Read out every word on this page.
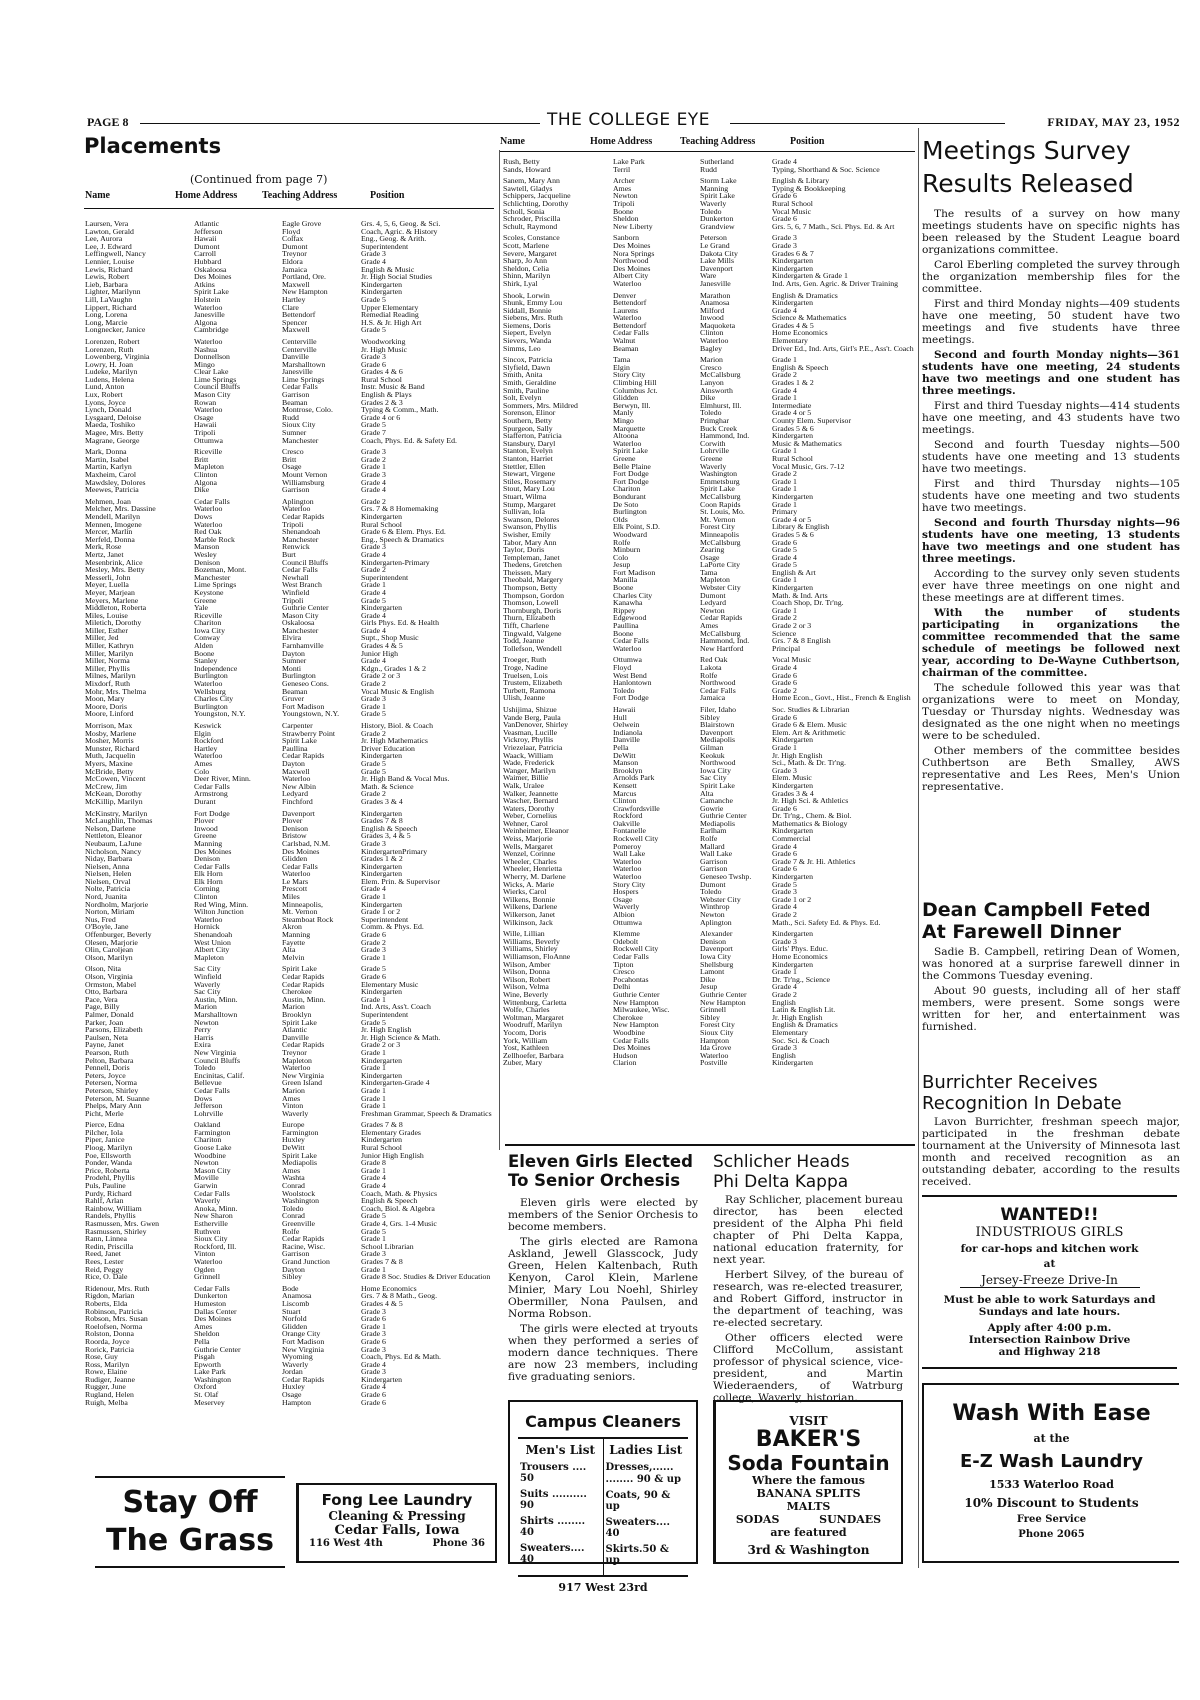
PAGE 8	THE COLLEGE EYE	FRIDAY, MAY 23, 1952
Placements
(Continued from page 7)
Name	Home Address Teaching Address	Position
Laursen, Vera	Atlantic	Eagle Grove	Grs. 4, 5, 6, Geog. & Sci.
Lawton, Gerald	Jefferson	Floyd	Coach, Agric. & History
Lee, Aurora	Hawaii	Colfax	Eng., Geog. & Arith.
Lee, J. Edward	Dumont	Dumont	Superintendent
Leffingwell, Nancy	Carroll	Treynor	Grade 3
Lennier, Louise	Hubbard	Eldora	Grade 4
Lewis, Richard	Oskaloosa	Jamaica	English & Music
Lewis, Robert	Des Moines	Portland, Ore.	Jr. High Social Studies
Lieb, Barbara	Atkins	Maxwell	Kindergarten
Lighter, Marilynn	Spirit Lake	New Hampton	Kindergarten
Lill, LaVaughn	Holstein	Hartley	Grade 5
Lippert, Richard	Waterloo	Clare	Upper Elementary
Long, Lorena	Janesville	Bettendorf	Remedial Reading
Long, Marcie	Algona	Spencer	H.S. & Jr. High Art
Longnecker, Janice	Cambridge	Maxwell	Grade 5
Lorenzen, Robert	Waterloo	Centerville	Woodworking
Lorenzen, Ruth	Nashua	Centerville	Jr. High Music
Lowenberg, Virginia	Donnellson	Danville	Grade 3
Lowry, H. Joan	Mingo	Marshalltown	Grade 6
Ludeke, Marilyn	Clear Lake	Janesville	Grades 4 & 6
Ludens, Helena	Lime Springs	Lime Springs	Rural School
Lund, Anton	Council Bluffs	Cedar Falls	Instr. Music & Band
Lux, Robert	Mason City	Garrison	English & Plays
Lyons, Joyce	Rowan	Beaman	Grades 2 & 3
Lynch, Donald	Waterloo	Montrose, Colo.	Typing & Comm., Math.
Lysgaard, Deloise	Osage	Rudd	Grade 4 or 6
Maeda, Toshiko	Hawaii	Sioux City	Grade 5
Magee, Mrs. Betty	Tripoli	Sumner	Grade 7
Magrane, George	Ottumwa	Manchester	Coach, Phys. Ed. & Safety Ed.
Mark, Donna	Riceville	Cresco	Grade 3
Martin, Isabel	Britt	Britt	Grade 2
Martin, Karlyn	Mapleton	Osage	Grade 1
Maxheim, Carol	Clinton	Mount Vernon	Grade 3
Mawdsley, Dolores	Algona	Williamsburg	Grade 4
Meewes, Patricia	Dike	Garrison	Grade 4
Mehmen, Joan	Cedar Falls	Aplington	Grade 2
Melcher, Mrs. Dassine	Waterloo	Waterloo	Grs. 7 & 8 Homemaking
Mendell, Marilyn	Dows	Cedar Rapids	Kindergarten
Mennen, Imogene	Waterloo	Tripoli	Rural School
Mercer, Marlin	Red Oak	Shenandoah	Grade 6 & Elem. Phys. Ed.
Merfeld, Donna	Marble Rock	Manchester	Eng., Speech & Dramatics
Merk, Rose	Manson	Renwick	Grade 3
Mertz, Janet	Wesley	Burt	Grade 4
Mesenbrink, Alice	Denison	Council Bluffs	Kindergarten-Primary
Mesley, Mrs. Betty	Bozeman, Mont.	Cedar Falls	Grade 2
Messerli, John	Manchester	Newhall	Superintendent
Meyer, Luella	Lime Springs	West Branch	Grade 1
Meyer, Marjean	Keystone	Winfield	Grade 4
Meyers, Marlene	Greene	Tripoli	Grade 5
Middleton, Roberta	Yale	Guthrie Center	Kindergarten
Miles, Louise	Riceville	Mason City	Grade 4
Miletich, Dorothy	Chariton	Oskaloosa	Girls Phys. Ed. & Health
Miller, Esther	Iowa City	Manchester	Grade 4
Miller, Jed	Conway	Elvira	Supt., Shop Music
Miller, Kathryn	Alden	Farnhamville	Grades 4 & 5
Miller, Marilyn	Boone	Dayton	Junior High
Miller, Norma	Stanley	Sumner	Grade 4
Miller, Phyllis	Independence	Monti	Kdgn., Grades 1 & 2
Milnes, Marilyn	Burlington	Burlington	Grade 2 or 3
Mixdorf, Ruth	Waterloo	Geneseo Cons.	Grade 2
Mohr, Mrs. Thelma	Wellsburg	Beaman	Vocal Music & English
Moon, Mary	Charles City	Gruver	Grade 3
Moore, Doris	Burlington	Fort Madison	Grade 1
Moore, Linford	Youngston, N.Y.	Youngstown, N.Y.	Grade 5
Morrison, Max	Keswick	Carpenter	History, Biol. & Coach
Mosby, Marlene	Elgin	Strawberry Point	Grade 2
Mosher, Morris	Rockford	Spirit Lake	Jr. High Mathematics
Munster, Richard	Hartley	Paullina	Driver Education
Muth, Jacquelin	Waterloo	Cedar Rapids	Kindergarten
Myers, Maxine	Ames	Dayton	Grade 5
McBride, Betty	Colo	Maxwell	Grade 5
McCowen, Vincent	Deer River, Minn.	Waterloo	Jr. High Band & Vocal Mus.
McCrew, Jim	Cedar Falls	New Albin	Math. & Science
McKean, Dorothy	Armstrong	Ledyard	Grade 2
McKillip, Marilyn	Durant	Finchford	Grades 3 & 4
McKinstry, Marilyn	Fort Dodge	Davenport	Kindergarten
McLaughlin, Thomas	Plover	Plover	Grades 7 & 8
Nelson, Darlene	Inwood	Denison	English & Speech
Nettleton, Eleanor	Greene	Bristow	Grades 3, 4 & 5
Neubaum, LaJune	Manning	Carlsbad, N.M.	Grade 3
Nicholson, Nancy	Des Moines	Des Moines	KindergartenPrimary
Niday, Barbara	Denison	Glidden	Grades 1 & 2
Nielsen, Anna	Cedar Falls	Cedar Falls	Kindergarten
Nielsen, Helen	Elk Horn	Waterloo	Kindergarten
Nielsen, Orval	Elk Horn	Le Mars	Elem. Prin. & Supervisor
Nolte, Patricia	Corning	Prescott	Grade 4
Nord, Juanita	Clinton	Miles	Grade 1
Nordholm, Marjorie	Red Wing, Minn.	Minneapolis,	Kindergarten
Norton, Miriam	Wilton Junction	Mt. Vernon	Grade 1 or 2
Nus, Fred	Waterloo	Steamboat Rock	Superintendent
O'Boyle, Jane	Hornick	Akron	Comm. & Phys. Ed.
Offenburger, Beverly	Shenandoah	Manning	Grade 6
Olesen, Marjorie	West Union	Fayette	Grade 2
Olin, Caroljean	Albert City	Alta	Grade 3
Olson, Marilyn	Mapleton	Melvin	Grade 1
Olson, Nita	Sac City	Spirit Lake	Grade 5
Olson, Virginia	Winfield	Cedar Rapids	Grade 6
Ormston, Mabel	Waverly	Cedar Rapids	Elementary Music
Otto, Barbara	Sac City	Cherokee	Kindergarten
Pace, Vera	Austin, Minn.	Austin, Minn.	Grade 1
Page, Billy	Marion	Marion	Ind. Arts, Ass't. Coach
Palmer, Donald	Marshalltown	Brooklyn	Superintendent
Parker, Joan	Newton	Spirit Lake	Grade 5
Parsons, Elizabeth	Perry	Atlantic	Jr. High English
Paulsen, Neta	Harris	Danville	Jr. High Science & Math.
Payne, Janet	Exira	Cedar Rapids	Grade 2 or 3
Pearson, Ruth	New Virginia	Treynor	Grade 1
Pelton, Barbara	Council Bluffs	Mapleton	Kindergarten
Pennell, Doris	Toledo	Waterloo	Grade 1
Peters, Joyce	Encinitas, Calif.	New Virginia	Kindergarten
Petersen, Norma	Bellevue	Green Island	Kindergarten-Grade 4
Peterson, Shirley	Cedar Falls	Marion	Grade 1
Peterson, M. Suanne	Dows	Ames	Grade 1
Phelps, Mary Ann	Jefferson	Vinton	Grade 1
Picht, Merle	Lohrville	Waverly	Freshman Grammar, Speech & Dramatics
Pierce, Edna	Oakland	Europe	Grades 7 & 8
Pilcher, Iola	Farmington	Farmington	Elementary Grades
Piper, Janice	Chariton	Huxley	Kindergarten
Ploog, Marilyn	Goose Lake	DeWitt	Rural School
Poe, Ellsworth	Woodbine	Spirit Lake	Junior High English
Ponder, Wanda	Newton	Mediapolis	Grade 8
Price, Roberta	Mason City	Ames	Grade 1
Prodehl, Phyllis	Moville	Washta	Grade 4
Puls, Pauline	Garwin	Conrad	Grade 4
Purdy, Richard	Cedar Falls	Woolstock	Coach, Math. & Physics
Rahlf, Arlan	Waverly	Washington	English & Speech
Rainbow, William	Anoka, Minn.	Toledo	Coach, Biol. & Algebra
Randels, Phyllis	New Sharon	Conrad	Grade 5
Rasmussen, Mrs. Gwen	Estherville	Greenville	Grade 4, Grs. 1-4 Music
Rasmussen, Shirley	Ruthven	Rolfe	Grade 5
Rann, Linnea	Sioux City	Cedar Rapids	Grade 1
Redin, Priscilla	Rockford, Ill.	Racine, Wisc.	School Librarian
Reed, Janet	Vinton	Garrison	Grade 3
Rees, Lester	Waterloo	Grand Junction	Grades 7 & 8
Reid, Peggy	Ogden	Dayton	Grade 1
Rice, O. Dale	Grinnell	Sibley	Grade 8 Soc. Studies & Driver Education
Ridenour, Mrs. Ruth	Cedar Falls	Bode	Home Economics
Rigdon, Marian	Dunkerton	Anamosa	Grs. 7 & 8 Math., Geog.
Roberts, Elda	Humeston	Liscomb	Grades 4 & 5
Robinson, Patricia	Dallas Center	Stuart	Grade 3
Robson, Mrs. Susan	Des Moines	Norfold	Grade 6
Roelofsen, Norma	Ames	Glidden	Grade 1
Rolston, Donna	Sheldon	Orange City	Grade 3
Roorda, Joyce	Pella	Fort Madison	Grade 6
Rorick, Patricia	Guthrie Center	New Virginia	Grade 3
Rose, Guy	Pisgah	Wyoming	Coach, Phys. Ed & Math.
Ross, Marilyn	Epworth	Waverly	Grade 4
Rowe, Elaine	Lake Park	Jordan	Grade 3
Rudiger, Jeanne	Washington	Cedar Rapids	Kindergarten
Rugger, June	Oxford	Huxley	Grade 4
Rugland, Helen	St. Olaf	Osage	Grade 6
Ruigh, Melba	Meservey	Hampton	Grade 6
Name	Home Address	Teaching Address	Position
Rush, Betty	Lake Park	Sutherland	Grade 4
Sands, Howard	Terril	Rudd	Typing, Shorthand & Soc. Science
Sanem, Mary Ann	Archer	Storm Lake	English & Library
Sawtell, Gladys	Ames	Manning	Typing & Bookkeeping
Schippers, Jacqueline	Newton	Spirit Lake	Grade 6
Schlichting, Dorothy	Tripoli	Waverly	Rural School
Scholl, Sonia	Boone	Toledo	Vocal Music
Schroder, Priscilla	Sheldon	Dunkerton	Grade 6
Schult, Raymond	New Liberty	Grandview	Grs. 5, 6, 7 Math., Sci. Phys. Ed. & Art
Scoles, Constance	Sanborn	Peterson	Grade 3
Scott, Marlene	Des Moines	Le Grand	Grade 3
Severe, Margaret	Nora Springs	Dakota City	Grades 6 & 7
Sharp, Jo Ann	Northwood	Lake Mills	Kindergarten
Sheldon, Celia	Des Moines	Davenport	Kindergarten
Shinn, Marilyn	Albert City	Ware	Kindergarten & Grade 1
Shirk, Lyal	Waterloo	Janesville	Ind. Arts, Gen. Agric. & Driver Training
Shook, Lorwin	Denver	Marathon	English & Dramatics
Shunk, Emmy Lou	Bettendorf	Anamosa	Kindergarten
Siddall, Bonnie	Laurens	Milford	Grade 4
Siebens, Mrs. Ruth	Waterloo	Inwood	Science & Mathematics
Siemens, Doris	Bettendorf	Maquoketa	Grades 4 & 5
Siepert, Evelyn	Cedar Falls	Clinton	Home Economics
Sievers, Wanda	Walnut	Waterloo	Elementary
Simms, Leo	Beaman	Bagley	Driver Ed., Ind. Arts, Girl's P.E., Ass't. Coach
Sincox, Patricia	Tama	Marion	Grade 1
Slyfield, Dawn	Elgin	Cresco	English & Speech
Smith, Anita	Story City	McCallsburg	Grade 2
Smith, Geraldine	Climbing Hill	Lanyon	Grades 1 & 2
Smith, Pauline	Columbus Jct.	Ainsworth	Grade 4
Solt, Evelyn	Glidden	Dike	Grade 1
Sommers, Mrs. Mildred	Berwyn, Ill.	Elmhurst, Ill.	Intermediate
Sorenson, Elinor	Manly	Toledo	Grade 4 or 5
Southern, Betty	Mingo	Primghar	County Elem. Supervisor
Spurgeon, Sally	Marquette	Buck Creek	Grades 5 & 6
Stafferton, Patricia	Altoona	Hammond, Ind.	Kindergarten
Stansbury, Daryl	Waterloo	Corwith	Music & Mathematics
Stanton, Evelyn	Spirit Lake	Lohrville	Grade 1
Stanton, Harriet	Greene	Greene	Rural School
Stettler, Ellen	Belle Plaine	Waverly	Vocal Music, Grs. 7-12
Stewart, Virgene	Fort Dodge	Washington	Grade 2
Stiles, Rosemary	Fort Dodge	Emmetsburg	Grade 1
Stout, Mary Lou	Chariton	Spirit Lake	Grade 1
Stuart, Wilma	Bondurant	McCallsburg	Kindergarten
Stump, Margaret	De Soto	Coon Rapids	Grade 1
Sullivan, Iola	Burlington	St. Louis, Mo.	Primary
Swanson, Delores	Olds	Mt. Vernon	Grade 4 or 5
Swanson, Phyllis	Elk Point, S.D.	Forest City	Library & English
Swisher, Emily	Woodward	Minneapolis	Grades 5 & 6
Tabor, Mary Ann	Rolfe	McCallsburg	Grade 6
Taylor, Doris	Minburn	Zearing	Grade 5
Templeman, Janet	Colo	Osage	Grade 4
Thedens, Gretchen	Jesup	LaPorte City	Grade 5
Theissen, Mary	Fort Madison	Tama	English & Art
Theobald, Margery	Manilla	Mapleton	Grade 1
Thompson, Betty	Boone	Webster City	Kindergarten
Thompson, Gordon	Charles City	Dumont	Math. & Ind. Arts
Thomson, Lowell	Kanawha	Ledyard	Coach Shop, Dr. Tr'ng.
Thornburgh, Doris	Rippey	Newton	Grade 1
Thurn, Elizabeth	Edgewood	Cedar Rapids	Grade 2
Tifft, Charlene	Paullina	Ames	Grade 2 or 3
Tingwald, Valgene	Boone	McCallsburg	Science
Todd, Jeanne	Cedar Falls	Hammond, Ind.	Grs. 7 & 8 English
Tollefson, Wendell	Waterloo	New Hartford	Principal
Troeger, Ruth	Ottumwa	Red Oak	Vocal Music
Troge, Nadine	Floyd	Lakota	Grade 4
Truelsen, Lois	West Bend	Rolfe	Grade 6
Trustem, Elizabeth	Hanlontown	Northwood	Grade 6
Turbett, Ramona	Toledo	Cedar Falls	Grade 2
Ulish, Jeanne	Fort Dodge	Jamaica	Home Econ., Govt., Hist., French & English
Ushijima, Shizue	Hawaii	Filer, Idaho	Soc. Studies & Librarian
Vande Berg, Paula	Hull	Sibley	Grade 6
VanDenover, Shirley	Oelwein	Blairstown	Grade 6 & Elem. Music
Veasman, Lucille	Indianola	Davenport	Elem. Art & Arithmetic
Vickroy, Phyllis	Danville	Mediapolis	Kindergarten
Vriezelaar, Patricia	Pella	Gilman	Grade 1
Waack, William	DeWitt	Keokuk	Jr. High English
Wade, Frederick	Manson	Northwood	Sci., Math. & Dr. Tr'ng.
Wanger, Marilyn	Brooklyn	Iowa City	Grade 3
Waimer, Billie	Arnolds Park	Sac City	Elem. Music
Walk, Uralee	Kensett	Spirit Lake	Kindergarten
Walker, Jeannette	Marcus	Alta	Grades 3 & 4
Wascher, Bernard	Clinton	Camanche	Jr. High Sci. & Athletics
Waters, Dorothy	Crawfordsville	Gowrie	Grade 6
Weber, Cornelius	Rockford	Guthrie Center	Dr. Tr'ng., Chem. & Biol.
Wehner, Carol	Oakville	Mediapolis	Mathematics & Biology
Weinheimer, Eleanor	Fontanelle	Earlham	Kindergarten
Weiss, Marjorie	Rockwell City	Rolfe	Commercial
Wells, Margaret	Pomeroy	Mallard	Grade 4
Wenzel, Corinne	Wall Lake	Wall Lake	Grade 6
Wheeler, Charles	Waterloo	Garrison	Grade 7 & Jr. Hi. Athletics
Wheeler, Henrietta	Waterloo	Garrison	Grade 6
Wherry, M. Darlene	Waterloo	Geneseo Twshp.	Kindergarten
Wicks, A. Marie	Story City	Dumont	Grade 5
Wierks, Carol	Hospers	Toledo	Grade 3
Wilkens, Bonnie	Osage	Webster City	Grade 1 or 2
Wilkens, Darlene	Waverly	Winthrop	Grade 4
Wilkerson, Janet	Albion	Newton	Grade 2
Wilkinson, Jack	Ottumwa	Aplington	Math., Sci. Safety Ed. & Phys. Ed.
Wille, Lillian	Klemme	Alexander	Kindergarten
Williams, Beverly	Odebolt	Denison	Grade 3
Williams, Shirley	Rockwell City	Davenport	Girls' Phys. Educ.
Williamson, FloAnne	Cedar Falls	Iowa City	Home Economics
Wilson, Amber	Tipton	Shellsburg	Kindergarten
Wilson, Donna	Cresco	Lamont	Grade 1
Wilson, Robert	Pocahontas	Dike	Dr. Tr'ng., Science
Wilson, Velma	Delhi	Jesup	Grade 4
Wine, Beverly	Guthrie Center	Guthrie Center	Grade 2
Wittenburg, Carletta	New Hampton	New Hampton	English
Wolfe, Charles	Milwaukee, Wisc.	Grinnell	Latin & English Lit.
Woltman, Margaret	Cherokee	Sibley	Jr. High English
Woodruff, Marilyn	New Hampton	Forest City	English & Dramatics
Yocom, Doris	Woodbine	Sioux City	Elementary
York, William	Cedar Falls	Hampton	Soc. Sci. & Coach
Yost, Kathleen	Des Moines	Ida Grove	Grade 3
Zellhoefer, Barbara	Hudson	Waterloo	English
Zuber, Mary	Clarion	Postville	Kindergarten
Eleven Girls Elected
To Senior Orchesis

Eleven girls were elected by members of the Senior Orchesis to become members.

The girls elected are Ramona Askland, Jewell Glasscock, Judy Green, Helen Kaltenbach, Ruth Kenyon, Carol Klein, Marlene Minier, Mary Lou Noehl, Shirley Obermiller, Nona Paulsen, and Norma Robson.

The girls were elected at tryouts when they performed a series of modern dance techniques. There are now 23 members, including five graduating seniors.

Schlicher Heads
Phi Delta Kappa

Ray Schlicher, placement bureau director, has been elected president of the Alpha Phi field chapter of Phi Delta Kappa, national education fraternity, for next year.

Herbert Silvey, of the bureau of research, was re-elected treasurer, and Robert Gifford, instructor in the department of teaching, was re-elected secretary.

Other officers elected were Clifford McCollum, assistant professor of physical science, vice-president, and Martin Wiederaenders, of Watrburg college, Waverly, historian.

Meetings Survey
Results Released

The results of a survey on how many meetings students have on specific nights has been released by the Student League board organizations committee.

Carol Eberling completed the survey through the organization membership files for the committee.

First and third Monday nights—409 students have one meeting, 50 student have two meetings and five students have three meetings.

Second and fourth Monday nights—361 students have one meeting, 24 students have two meetings and one student has three meetings.

First and third Tuesday nights—414 students have one meeting, and 43 students have two meetings.

Second and fourth Tuesday nights—500 students have one meeting and 13 students have two meetings.

First and third Thursday nights—105 students have one meeting and two students have two meetings.

Second and fourth Thursday nights—96 students have one meeting, 13 students have two meetings and one student has three meetings.

According to the survey only seven students ever have three meetings on one night and these meetings are at different times.

With the number of students participating in organizations the committee recommended that the same schedule of meetings be followed next year, according to De-Wayne Cuthbertson, chairman of the committee.

The schedule followed this year was that organizations were to meet on Monday, Tuesday or Thursday nights. Wednesday was designated as the one night when no meetings were to be scheduled.

Other members of the committee besides Cuthbertson are Beth Smalley, AWS representative and Les Rees, Men's Union representative.

Dean Campbell Feted
At Farewell Dinner

Sadie B. Campbell, retiring Dean of Women, was honored at a surprise farewell dinner in the Commons Tuesday evening.

About 90 guests, including all of her staff members, were present. Some songs were written for her, and entertainment was furnished.

Burrichter Receives
Recognition In Debate

Lavon Burrichter, freshman speech major, participated in the freshman debate tournament at the University of Minnesota last month and received recognition as an outstanding debater, according to the results received.

Stay Off
The Grass
Fong Lee Laundry
Cleaning & Pressing
Cedar Falls, Iowa
116 West 4th	Phone 36
Campus Cleaners
Men's List
Trousers .... 50
Suits .......... 90
Shirts ........ 40
Sweaters.... 40
Ladies List
Dresses,......
........ 90 & up
Coats, 90 & up
Sweaters.... 40
Skirts.50 & up
917 West 23rd
VISIT
BAKER'S
Soda Fountain
Where the famous
BANANA SPLITS
MALTS
SODAS	SUNDAES
are featured
3rd & Washington
WANTED!!
INDUSTRIOUS GIRLS
for car-hops and kitchen work
at
Jersey-Freeze Drive-In
Must be able to work Saturdays and Sundays and late hours.
Apply after 4:00 p.m.
Intersection Rainbow Drive
and Highway 218
Wash With Ease
at the
E-Z Wash Laundry
1533 Waterloo Road
10% Discount to Students
Free Service
Phone 2065
